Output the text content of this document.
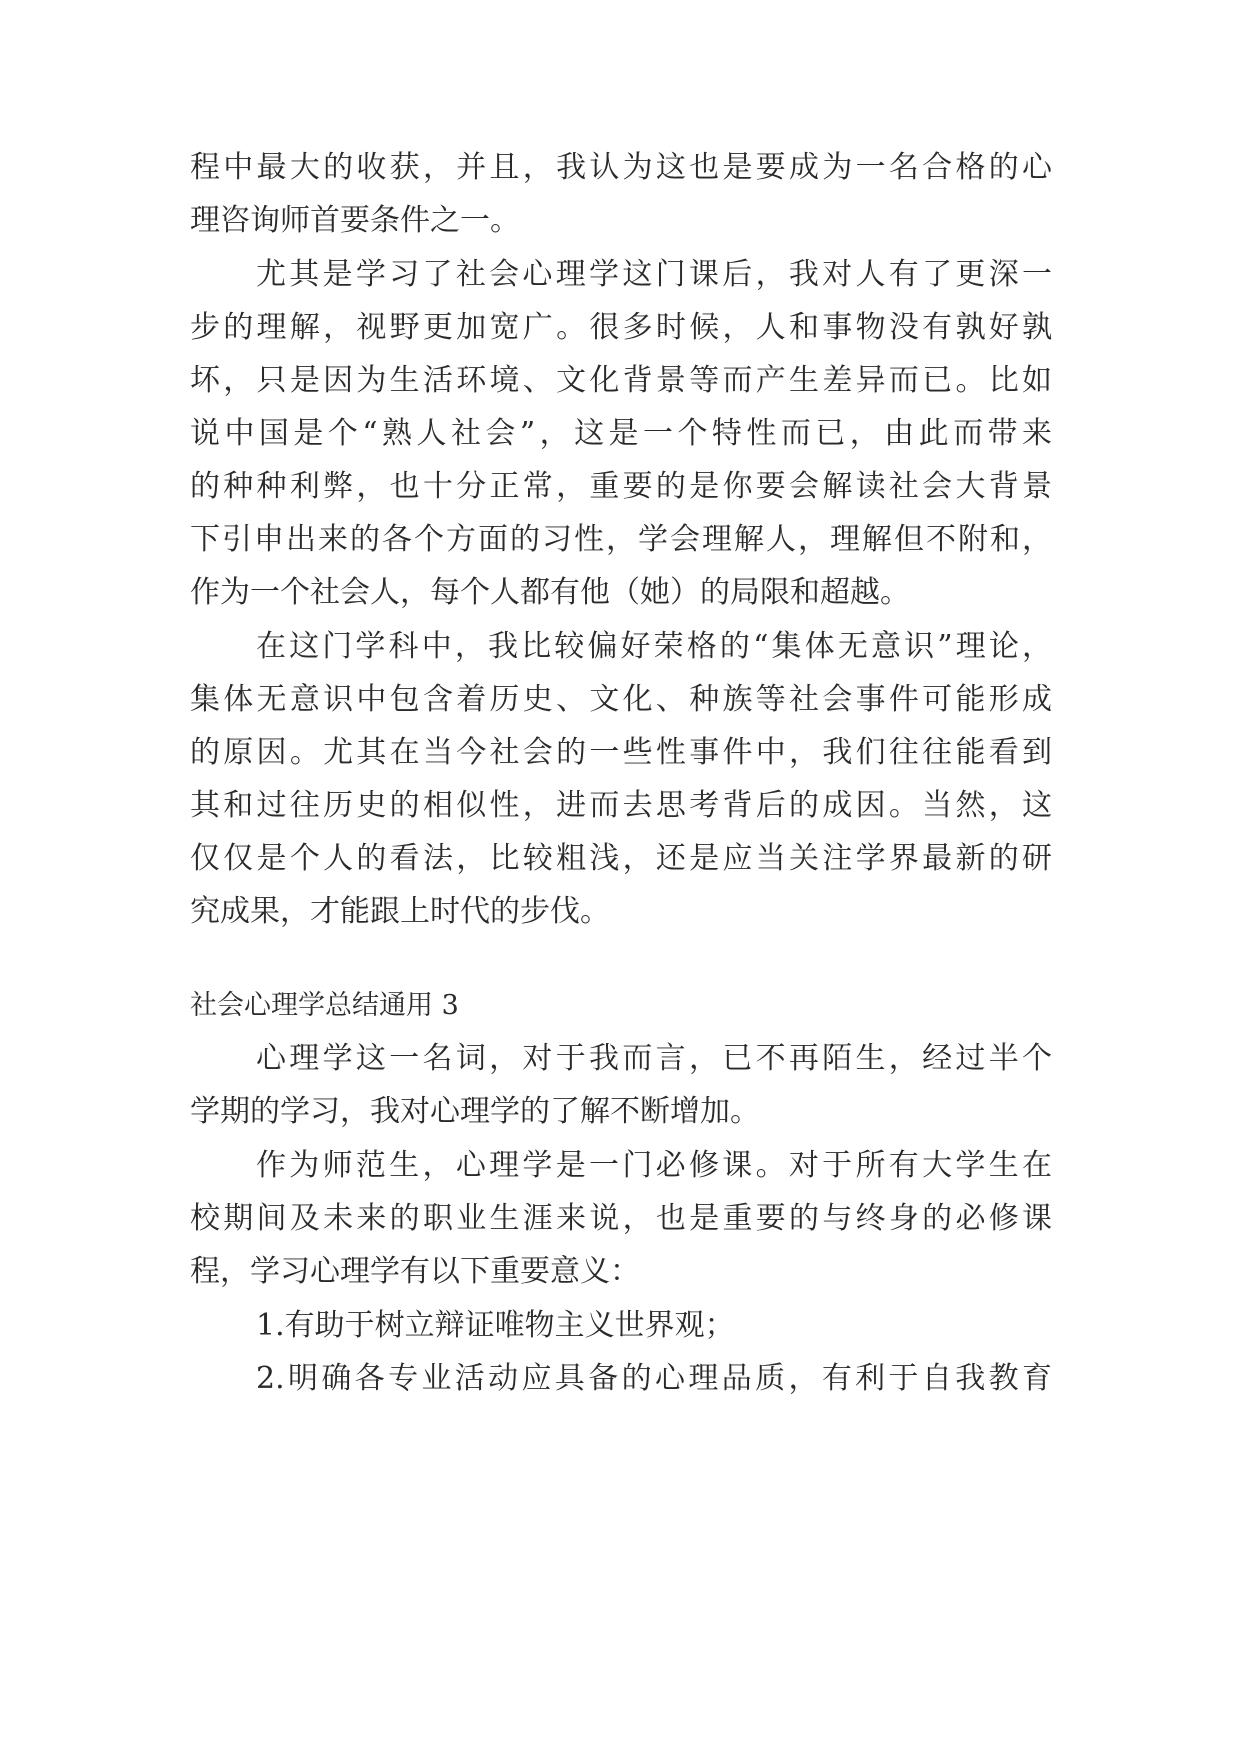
程中最大的收获，并且，我认为这也是要成为一名合格的心
理咨询师首要条件之一。
尤其是学习了社会心理学这门课后，我对人有了更深一
步的理解，视野更加宽广。很多时候，人和事物没有孰好孰
坏，只是因为生活环境、文化背景等而产生差异而已。比如
说中国是个“熟人社会”，这是一个特性而已，由此而带来
的种种利弊，也十分正常，重要的是你要会解读社会大背景
下引申出来的各个方面的习性，学会理解人，理解但不附和，
作为一个社会人，每个人都有他（她）的局限和超越。
在这门学科中，我比较偏好荣格的“集体无意识”理论，
集体无意识中包含着历史、文化、种族等社会事件可能形成
的原因。尤其在当今社会的一些性事件中，我们往往能看到
其和过往历史的相似性，进而去思考背后的成因。当然，这
仅仅是个人的看法，比较粗浅，还是应当关注学界最新的研
究成果，才能跟上时代的步伐。
社会心理学总结通用 3
心理学这一名词，对于我而言，已不再陌生，经过半个
学期的学习，我对心理学的了解不断增加。
作为师范生，心理学是一门必修课。对于所有大学生在
校期间及未来的职业生涯来说，也是重要的与终身的必修课
程，学习心理学有以下重要意义：
1.有助于树立辩证唯物主义世界观；
2.明确各专业活动应具备的心理品质，有利于自我教育
